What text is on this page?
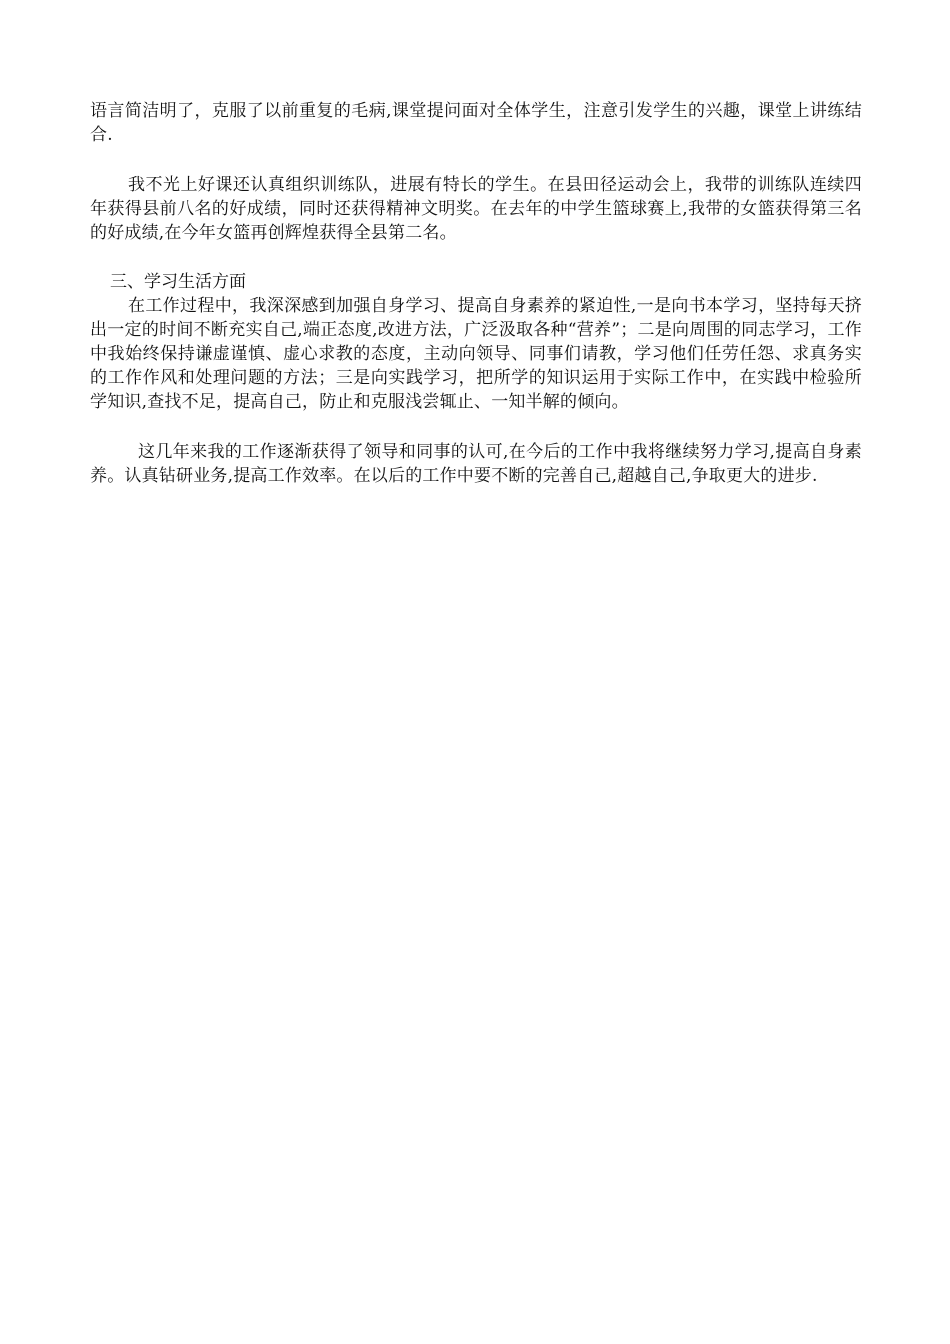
语言简洁明了，克服了以前重复的毛病,课堂提问面对全体学生，注意引发学生的兴趣，课堂上讲练结合.

我不光上好课还认真组织训练队，进展有特长的学生。在县田径运动会上，我带的训练队连续四年获得县前八名的好成绩，同时还获得精神文明奖。在去年的中学生篮球赛上,我带的女篮获得第三名的好成绩,在今年女篮再创辉煌获得全县第二名。

三、学习生活方面

在工作过程中，我深深感到加强自身学习、提高自身素养的紧迫性,一是向书本学习，坚持每天挤出一定的时间不断充实自己,端正态度,改进方法，广泛汲取各种“营养”；二是向周围的同志学习，工作中我始终保持谦虚谨慎、虚心求教的态度，主动向领导、同事们请教，学习他们任劳任怨、求真务实的工作作风和处理问题的方法；三是向实践学习，把所学的知识运用于实际工作中，在实践中检验所学知识,查找不足，提高自己，防止和克服浅尝辄止、一知半解的倾向。

这几年来我的工作逐渐获得了领导和同事的认可,在今后的工作中我将继续努力学习,提高自身素养。认真钻研业务,提高工作效率。在以后的工作中要不断的完善自己,超越自己,争取更大的进步.
